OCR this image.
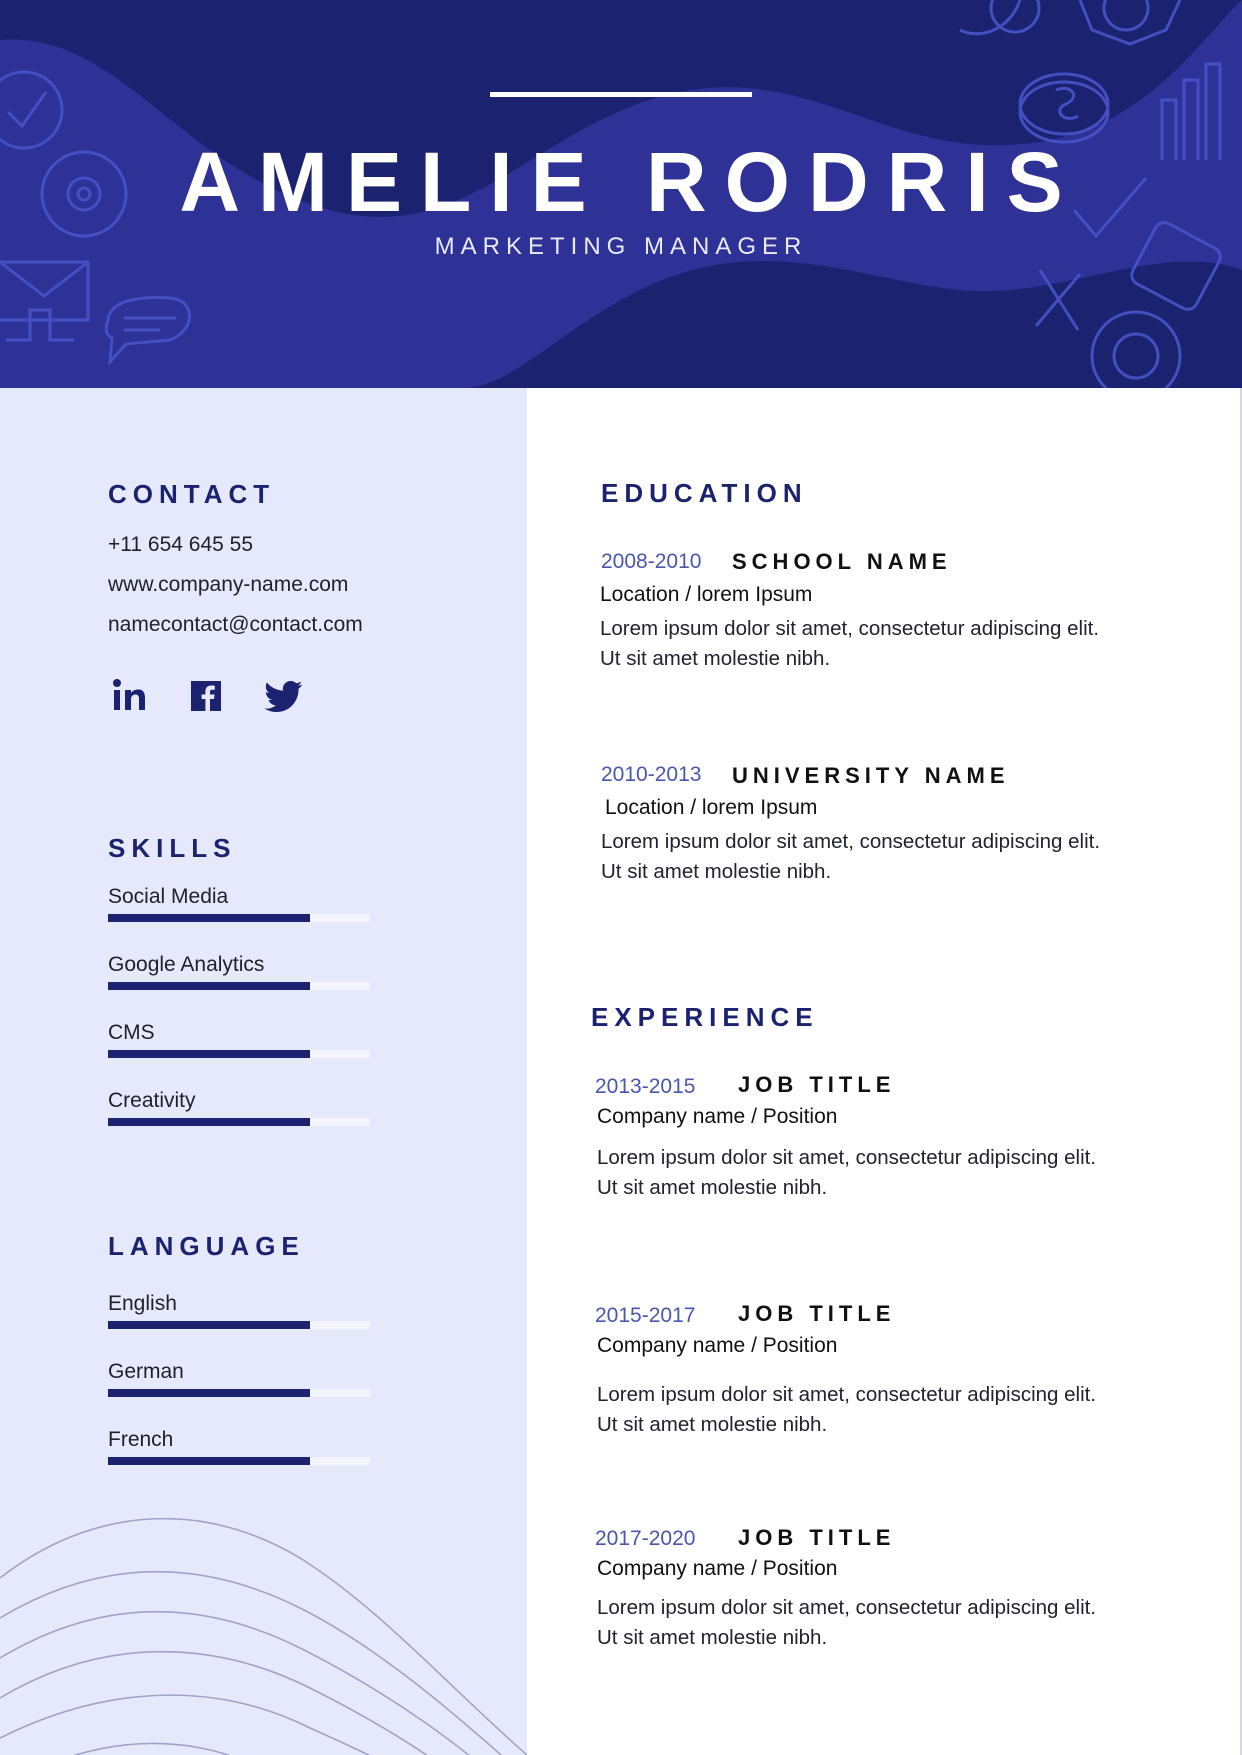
AMELIE RODRIS
MARKETING MANAGER
CONTACT
+11 654 645 55
www.company-name.com
namecontact@contact.com
SKILLS
Social Media
Google Analytics
CMS
Creativity
LANGUAGE
English
German
French
EDUCATION
2008-2010 SCHOOL NAME
Location / lorem Ipsum
Lorem ipsum dolor sit amet, consectetur adipiscing elit.
Ut sit amet molestie nibh.
2010-2013 UNIVERSITY NAME
Location / lorem Ipsum
Lorem ipsum dolor sit amet, consectetur adipiscing elit.
Ut sit amet molestie nibh.
EXPERIENCE
2013-2015 JOB TITLE
Company name / Position
Lorem ipsum dolor sit amet, consectetur adipiscing elit.
Ut sit amet molestie nibh.
2015-2017 JOB TITLE
Company name / Position
Lorem ipsum dolor sit amet, consectetur adipiscing elit.
Ut sit amet molestie nibh.
2017-2020 JOB TITLE
Company name / Position
Lorem ipsum dolor sit amet, consectetur adipiscing elit.
Ut sit amet molestie nibh.
